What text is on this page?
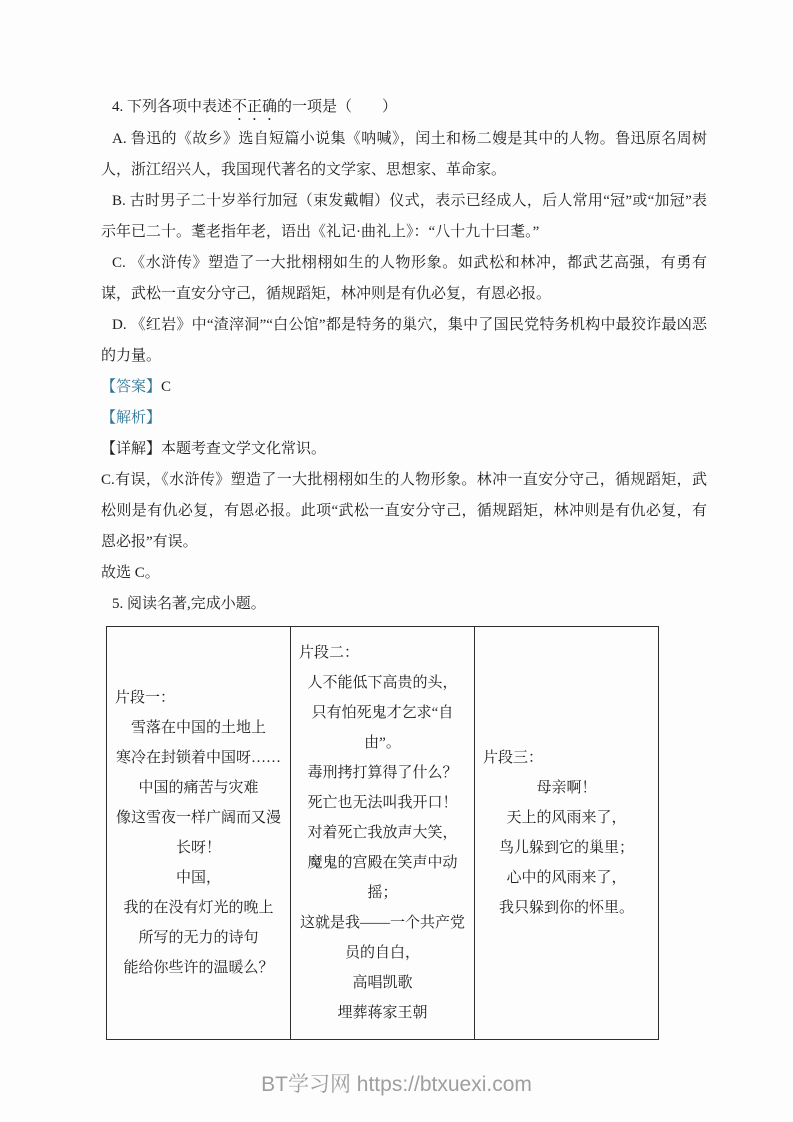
4. 下列各项中表述不正确的一项是（　　）

A. 鲁迅的《故乡》选自短篇小说集《呐喊》，闰土和杨二嫂是其中的人物。鲁迅原名周树人，浙江绍兴人，我国现代著名的文学家、思想家、革命家。

B. 古时男子二十岁举行加冠（束发戴帽）仪式，表示已经成人，后人常用“冠”或“加冠”表示年已二十。耄老指年老，语出《礼记·曲礼上》：“八十九十曰耄。”

C. 《水浒传》塑造了一大批栩栩如生的人物形象。如武松和林冲，都武艺高强，有勇有谋，武松一直安分守己，循规蹈矩，林冲则是有仇必复，有恩必报。

D. 《红岩》中“渣滓洞”“白公馆”都是特务的巢穴，集中了国民党特务机构中最狡诈最凶恶的力量。

【答案】C

【解析】

【详解】本题考查文学文化常识。

C.有误，《水浒传》塑造了一大批栩栩如生的人物形象。林冲一直安分守己，循规蹈矩，武松则是有仇必复，有恩必报。此项“武松一直安分守己，循规蹈矩，林冲则是有仇必复，有恩必报”有误。

故选 C。

5. 阅读名著,完成小题。

片段一：
雪落在中国的土地上
寒冷在封锁着中国呀……
中国的痛苦与灾难
像这雪夜一样广阔而又漫
长呀！
中国，
我的在没有灯光的晚上
所写的无力的诗句
能给你些许的温暖么？

片段二：
人不能低下高贵的头，
只有怕死鬼才乞求“自
由”。
毒刑拷打算得了什么？
死亡也无法叫我开口！
对着死亡我放声大笑，
魔鬼的宫殿在笑声中动摇；
这就是我——一个共产党
员的自白，
高唱凯歌
埋葬蒋家王朝

片段三：
母亲啊！
天上的风雨来了，
鸟儿躲到它的巢里；
心中的风雨来了，
我只躲到你的怀里。
BT学习网 https://btxuexi.com
